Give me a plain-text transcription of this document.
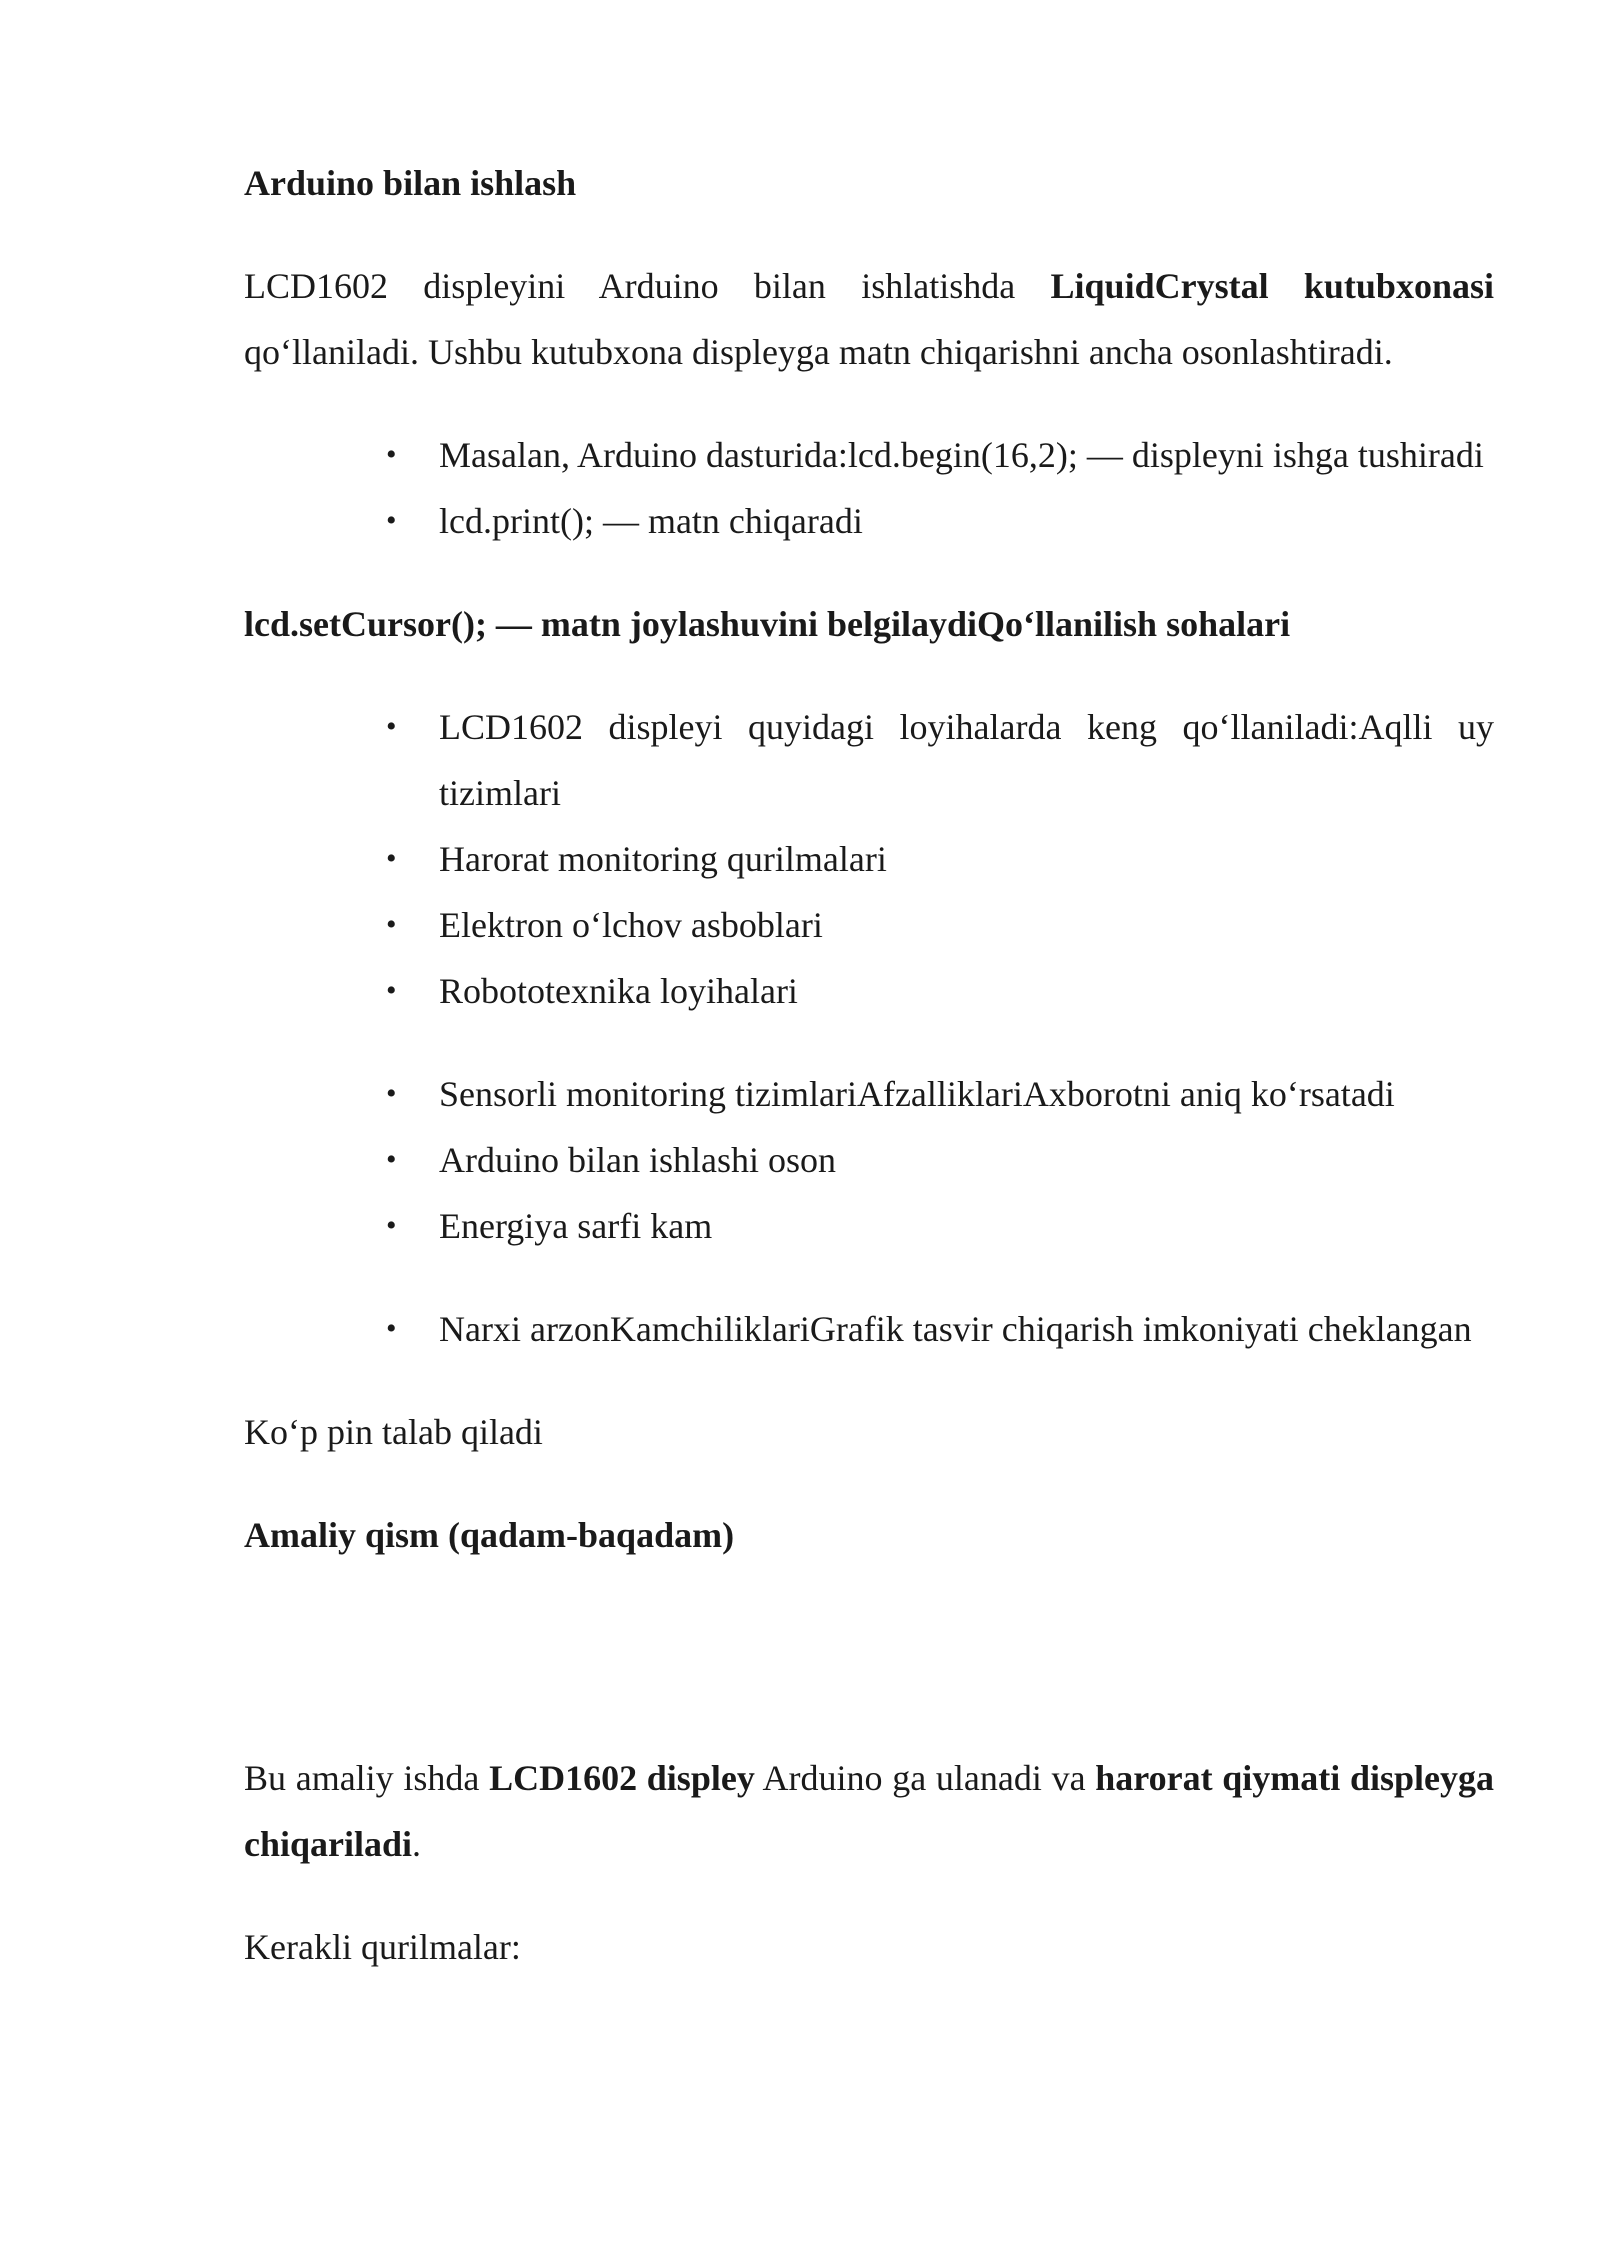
Arduino bilan ishlash

LCD1602 displeyini Arduino bilan ishlatishda LiquidCrystal kutubxonasi qo‘llaniladi. Ushbu kutubxona displeyga matn chiqarishni ancha osonlashtiradi.

• Masalan, Arduino dasturida:lcd.begin(16,2); — displeyni ishga tushiradi
• lcd.print(); — matn chiqaradi

lcd.setCursor(); — matn joylashuvini belgilaydiQo‘llanilish sohalari

• LCD1602 displeyi quyidagi loyihalarda keng qo‘llaniladi:Aqlli uy tizimlari
• Harorat monitoring qurilmalari
• Elektron o‘lchov asboblari
• Robototexnika loyihalari
• Sensorli monitoring tizimlariAfzalliklariAxborotni aniq ko‘rsatadi
• Arduino bilan ishlashi oson
• Energiya sarfi kam
• Narxi arzonKamchiliklariGrafik tasvir chiqarish imkoniyati cheklangan

Ko‘p pin talab qiladi

Amaliy qism (qadam-baqadam)

Bu amaliy ishda LCD1602 displey Arduino ga ulanadi va harorat qiymati displeyga chiqariladi.

Kerakli qurilmalar:
